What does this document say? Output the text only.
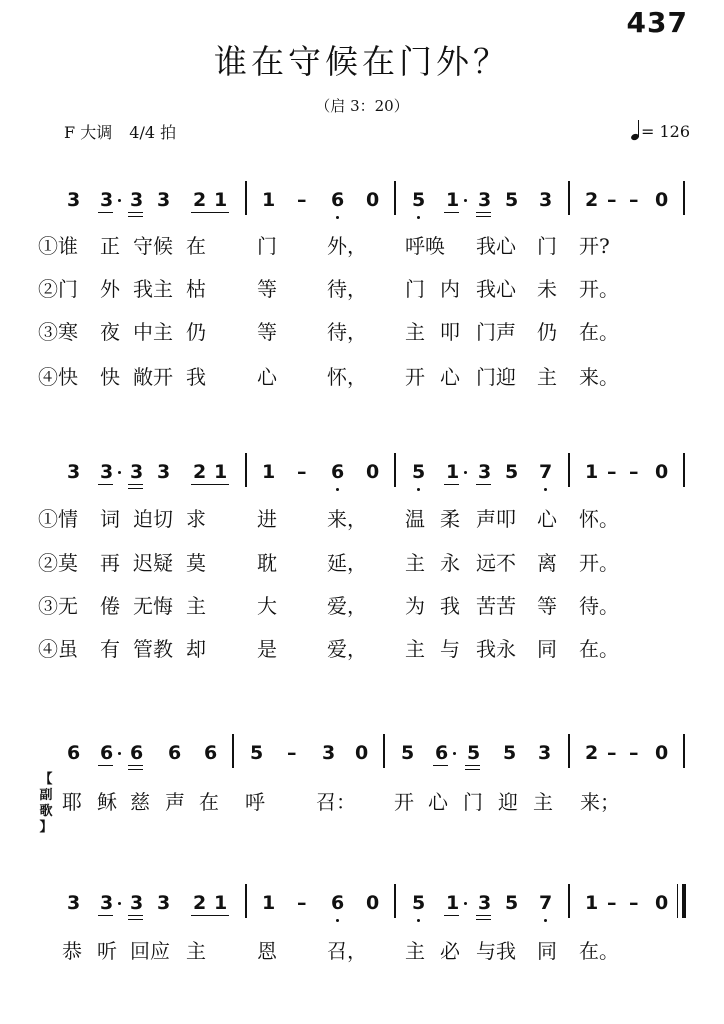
437
谁在守候在门外？
（启 3：20）
F 大调 4/4 拍	= 126
3 3 3 3 2 1 1 – 6 0 5 1 3 5 3 2 – – 0
①谁 正 守候 在	门	外， 呼唤 我心 门 开?
②门 外 我主 枯	等	待， 门 内 我心 未 开。
③寒 夜 中主 仍	等	待， 主 叩 门声 仍 在。
④快 快 敞开 我	心	怀， 开 心 门迎 主 来。
3 3 3 3 2 1 1 – 6 0 5 1 3 5 7 1 – – 0
①情 词 迫切 求	进	来， 温 柔 声叩 心 怀。
②莫 再 迟疑 莫	耽	延， 主 永 远不 离 开。
③无 倦 无悔 主	大	爱， 为 我 苦苦 等 待。
④虽 有 管教 却	是	爱， 主 与 我永 同 在。
6 6 6 6 6 5 – 3 0 5 6 5 5 3 2 – – 0
【
副
歌
】
耶 稣 慈 声 在 呼	召： 开 心 门 迎 主 来；
3 3 3 3 2 1 1 – 6 0 5 1 3 5 7 1 – – 0
恭 听 回应 主	恩	召， 主 必 与我 同 在。
